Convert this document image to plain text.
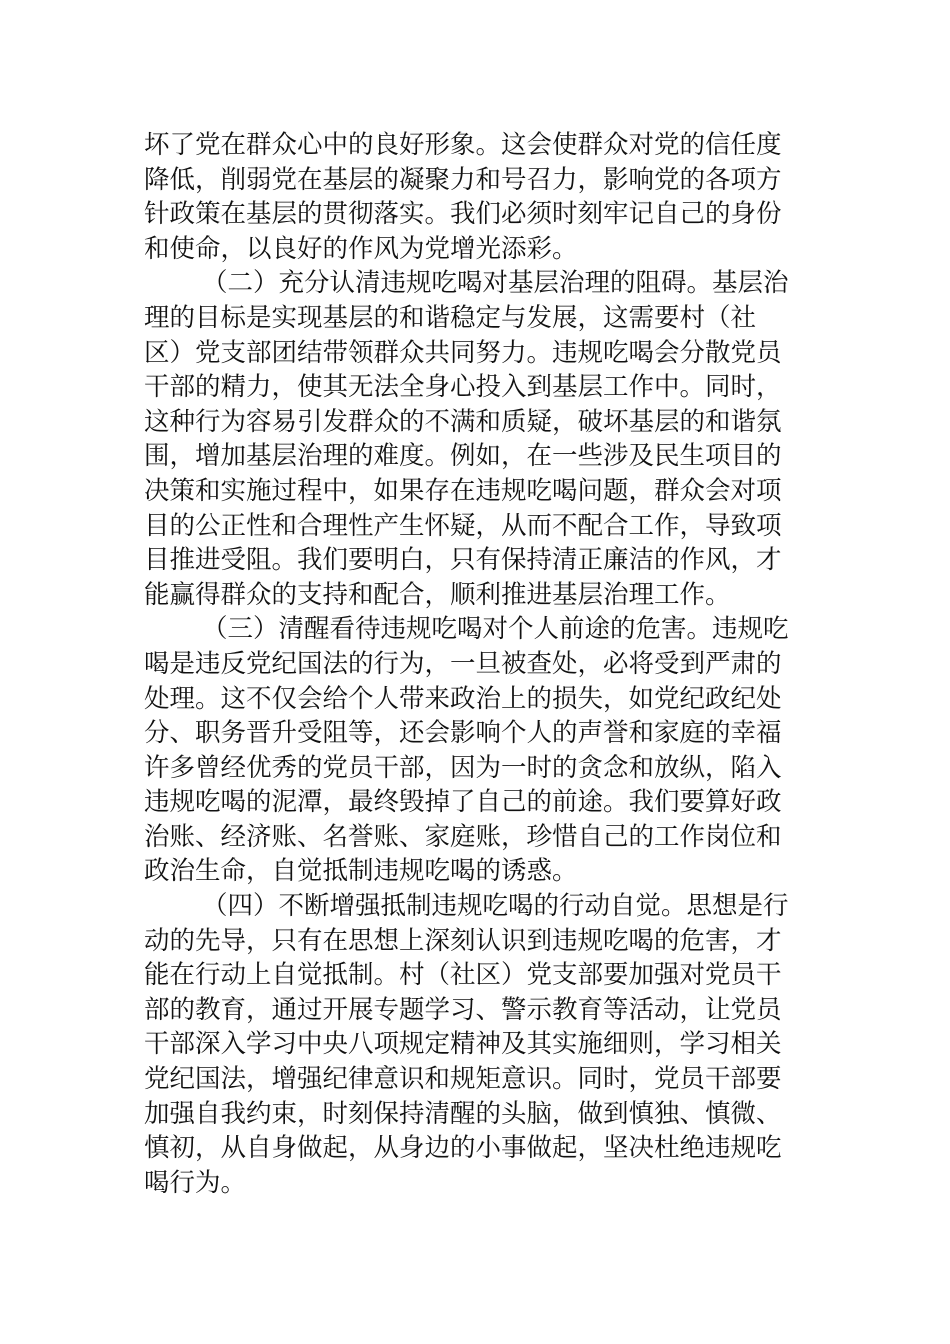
坏了党在群众心中的良好形象。这会使群众对党的信任度
降低，削弱党在基层的凝聚力和号召力，影响党的各项方
针政策在基层的贯彻落实。我们必须时刻牢记自己的身份
和使命，以良好的作风为党增光添彩。
（二）充分认清违规吃喝对基层治理的阻碍。基层治
理的目标是实现基层的和谐稳定与发展，这需要村（社
区）党支部团结带领群众共同努力。违规吃喝会分散党员
干部的精力，使其无法全身心投入到基层工作中。同时，
这种行为容易引发群众的不满和质疑，破坏基层的和谐氛
围，增加基层治理的难度。例如，在一些涉及民生项目的
决策和实施过程中，如果存在违规吃喝问题，群众会对项
目的公正性和合理性产生怀疑，从而不配合工作，导致项
目推进受阻。我们要明白，只有保持清正廉洁的作风，才
能赢得群众的支持和配合，顺利推进基层治理工作。
（三）清醒看待违规吃喝对个人前途的危害。违规吃
喝是违反党纪国法的行为，一旦被查处，必将受到严肃的
处理。这不仅会给个人带来政治上的损失，如党纪政纪处
分、职务晋升受阻等，还会影响个人的声誉和家庭的幸福
许多曾经优秀的党员干部，因为一时的贪念和放纵，陷入
违规吃喝的泥潭，最终毁掉了自己的前途。我们要算好政
治账、经济账、名誉账、家庭账，珍惜自己的工作岗位和
政治生命，自觉抵制违规吃喝的诱惑。
（四）不断增强抵制违规吃喝的行动自觉。思想是行
动的先导，只有在思想上深刻认识到违规吃喝的危害，才
能在行动上自觉抵制。村（社区）党支部要加强对党员干
部的教育，通过开展专题学习、警示教育等活动，让党员
干部深入学习中央八项规定精神及其实施细则，学习相关
党纪国法，增强纪律意识和规矩意识。同时，党员干部要
加强自我约束，时刻保持清醒的头脑，做到慎独、慎微、
慎初，从自身做起，从身边的小事做起，坚决杜绝违规吃
喝行为。
